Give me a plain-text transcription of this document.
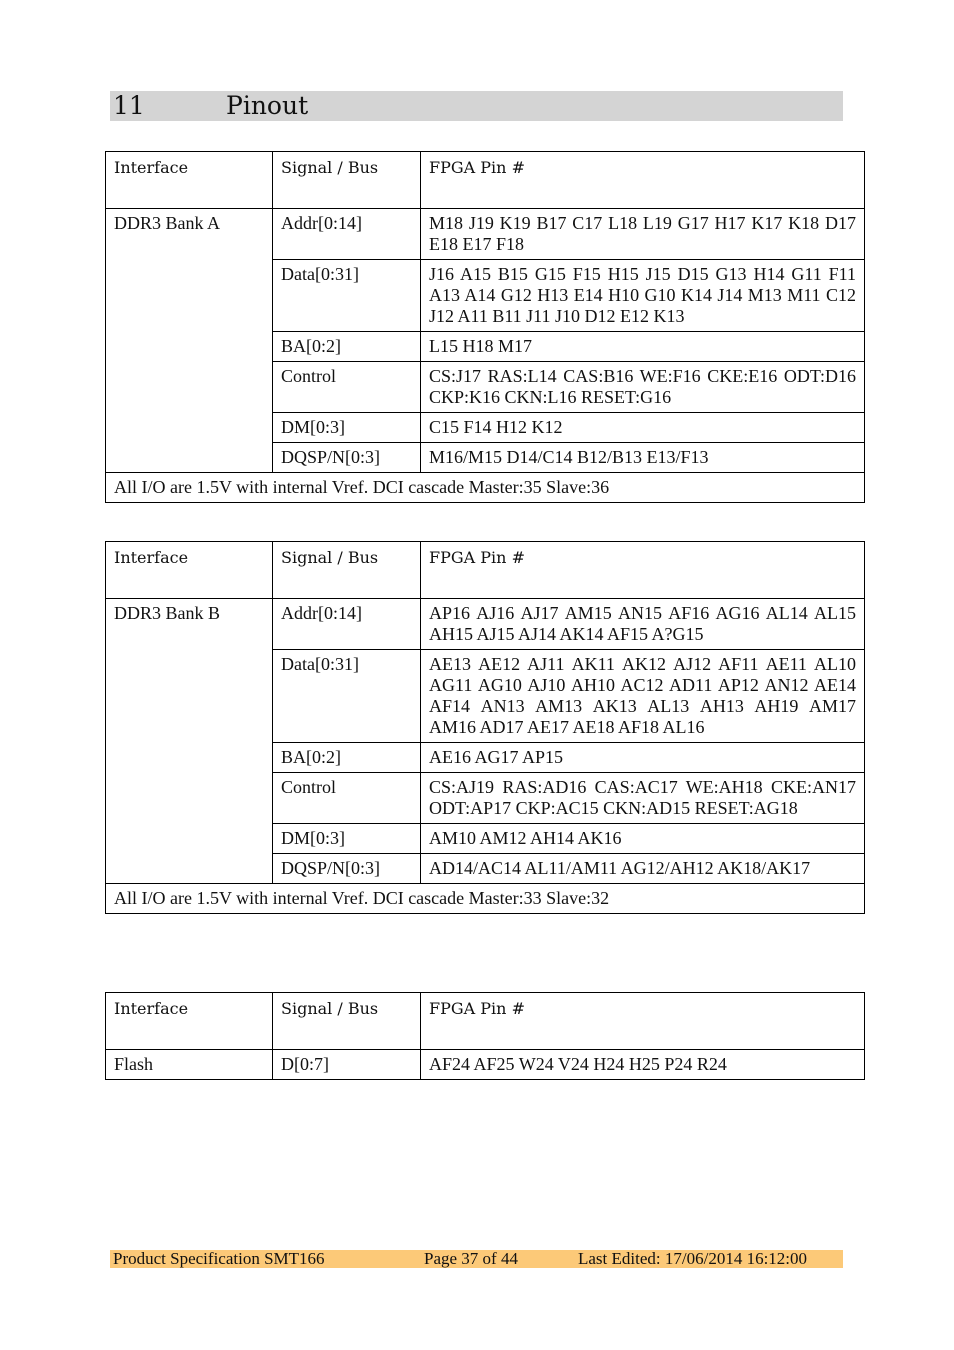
11	Pinout
Interface	Signal / Bus	FPGA Pin #
DDR3 Bank A	Addr[0:14]	M18 J19 K19 B17 C17 L18 L19 G17 H17 K17 K18 D17 E18 E17 F18
	Data[0:31]	J16 A15 B15 G15 F15 H15 J15 D15 G13 H14 G11 F11 A13 A14 G12 H13 E14 H10 G10 K14 J14 M13 M11 C12 J12 A11 B11 J11 J10 D12 E12 K13
	BA[0:2]	L15 H18 M17
	Control	CS:J17 RAS:L14 CAS:B16 WE:F16 CKE:E16 ODT:D16 CKP:K16 CKN:L16 RESET:G16
	DM[0:3]	C15 F14 H12 K12
	DQSP/N[0:3]	M16/M15 D14/C14 B12/B13 E13/F13
All I/O are 1.5V with internal Vref. DCI cascade Master:35 Slave:36		
Interface	Signal / Bus	FPGA Pin #
DDR3 Bank B	Addr[0:14]	AP16 AJ16 AJ17 AM15 AN15 AF16 AG16 AL14 AL15 AH15 AJ15 AJ14 AK14 AF15 A?G15
	Data[0:31]	AE13 AE12 AJ11 AK11 AK12 AJ12 AF11 AE11 AL10 AG11 AG10 AJ10 AH10 AC12 AD11 AP12 AN12 AE14 AF14 AN13 AM13 AK13 AL13 AH13 AH19 AM17 AM16 AD17 AE17 AE18 AF18 AL16
	BA[0:2]	AE16 AG17 AP15
	Control	CS:AJ19 RAS:AD16 CAS:AC17 WE:AH18 CKE:AN17 ODT:AP17 CKP:AC15 CKN:AD15 RESET:AG18
	DM[0:3]	AM10 AM12 AH14 AK16
	DQSP/N[0:3]	AD14/AC14 AL11/AM11 AG12/AH12 AK18/AK17
All I/O are 1.5V with internal Vref. DCI cascade Master:33 Slave:32		
Interface	Signal / Bus	FPGA Pin #
Flash	D[0:7]	AF24 AF25 W24 V24 H24 H25 P24 R24
Product Specification SMT166	Page 37 of 44	Last Edited: 17/06/2014 16:12:00
